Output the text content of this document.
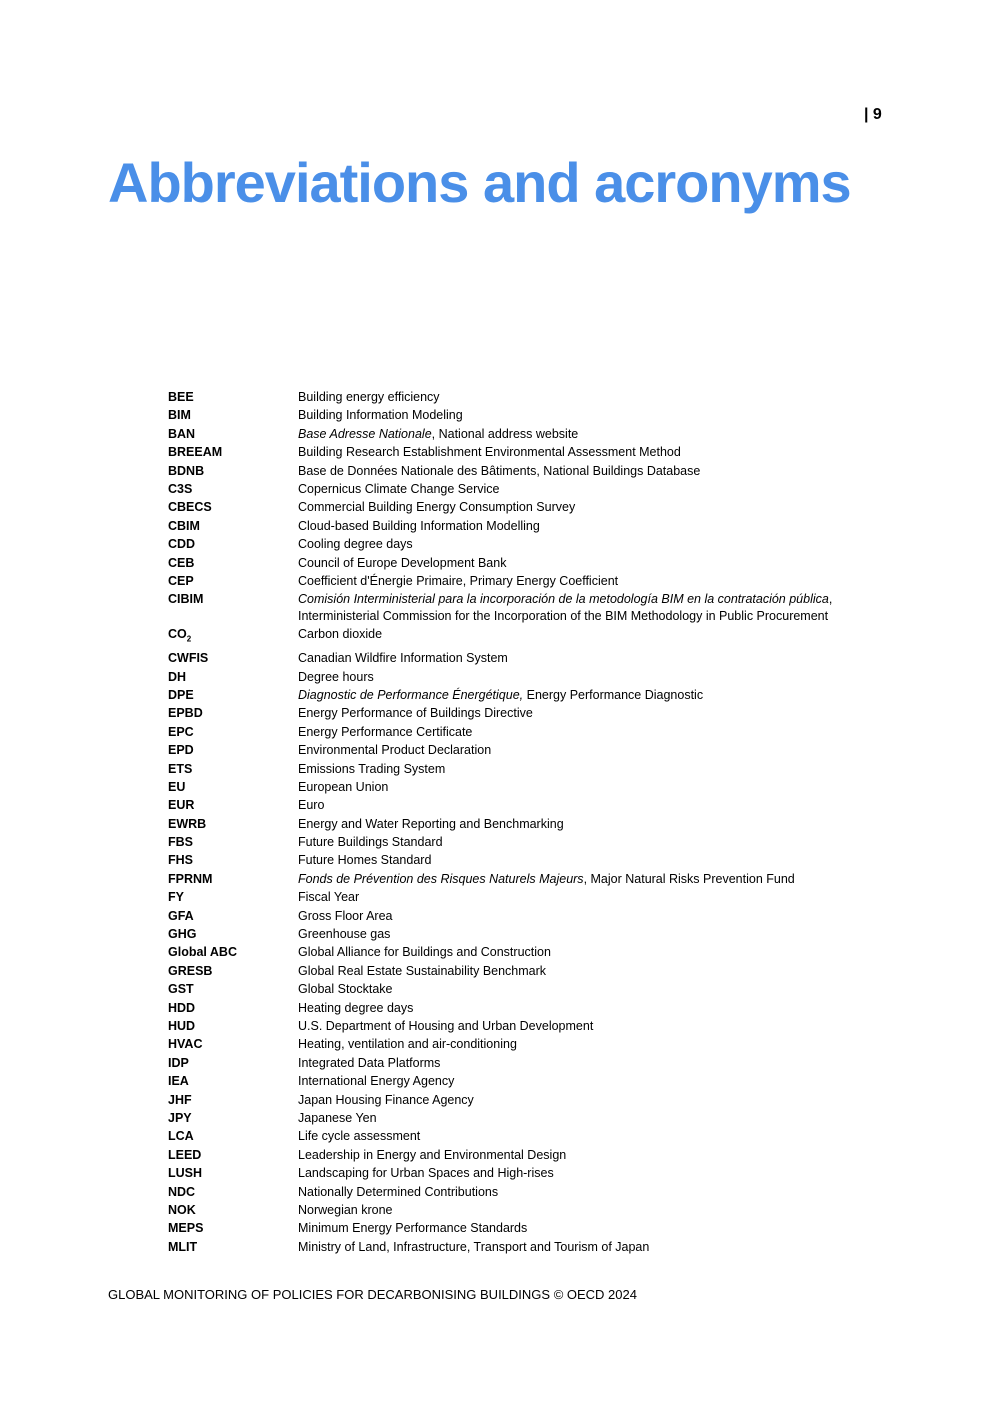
| 9
Abbreviations and acronyms
BEE	Building energy efficiency
BIM	Building Information Modeling
BAN	Base Adresse Nationale, National address website
BREEAM	Building Research Establishment Environmental Assessment Method
BDNB	Base de Données Nationale des Bâtiments, National Buildings Database
C3S	Copernicus Climate Change Service
CBECS	Commercial Building Energy Consumption Survey
CBIM	Cloud-based Building Information Modelling
CDD	Cooling degree days
CEB	Council of Europe Development Bank
CEP	Coefficient d'Énergie Primaire, Primary Energy Coefficient
CIBIM	Comisión Interministerial para la incorporación de la metodología BIM en la contratación pública, Interministerial Commission for the Incorporation of the BIM Methodology in Public Procurement
$CO_2$	Carbon dioxide
CWFIS	Canadian Wildfire Information System
DH	Degree hours
DPE	Diagnostic de Performance Énergétique, Energy Performance Diagnostic
EPBD	Energy Performance of Buildings Directive
EPC	Energy Performance Certificate
EPD	Environmental Product Declaration
ETS	Emissions Trading System
EU	European Union
EUR	Euro
EWRB	Energy and Water Reporting and Benchmarking
FBS	Future Buildings Standard
FHS	Future Homes Standard
FPRNM	Fonds de Prévention des Risques Naturels Majeurs, Major Natural Risks Prevention Fund
FY	Fiscal Year
GFA	Gross Floor Area
GHG	Greenhouse gas
Global ABC	Global Alliance for Buildings and Construction
GRESB	Global Real Estate Sustainability Benchmark
GST	Global Stocktake
HDD	Heating degree days
HUD	U.S. Department of Housing and Urban Development
HVAC	Heating, ventilation and air-conditioning
IDP	Integrated Data Platforms
IEA	International Energy Agency
JHF	Japan Housing Finance Agency
JPY	Japanese Yen
LCA	Life cycle assessment
LEED	Leadership in Energy and Environmental Design
LUSH	Landscaping for Urban Spaces and High-rises
NDC	Nationally Determined Contributions
NOK	Norwegian krone
MEPS	Minimum Energy Performance Standards
MLIT	Ministry of Land, Infrastructure, Transport and Tourism of Japan
GLOBAL MONITORING OF POLICIES FOR DECARBONISING BUILDINGS © OECD 2024
